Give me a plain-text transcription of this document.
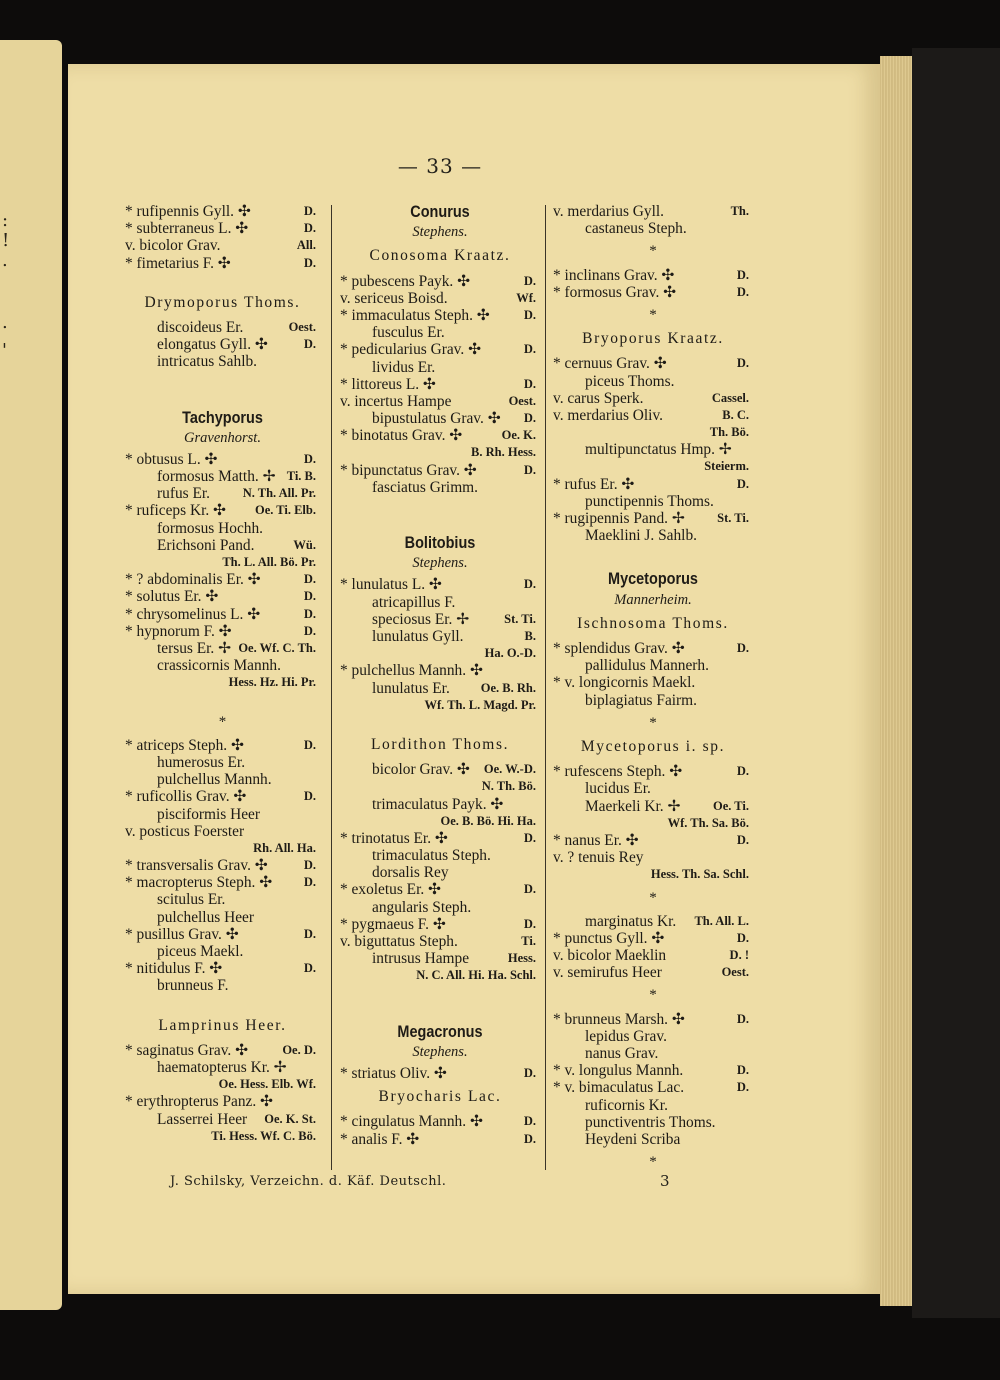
:
!
.
.
'
— 33 —
* rufipennis Gyll. ✣	D.
* subterraneus L. ✣	D.
v. bicolor Grav.	All.
* fimetarius F. ✣	D.
Drymoporus Thoms.
discoideus Er.	Oest.
elongatus Gyll. ✣	D.
intricatus Sahlb.
Tachyporus
Gravenhorst.
* obtusus L. ✣	D.
formosus Matth. ✢ Ti. B.
rufus Er.	N. Th. All. Pr.
* ruficeps Kr. ✣ Oe. Ti. Elb.
formosus Hochh.
Erichsoni Pand.	Wü.
Th. L. All. Bö. Pr.
* ? abdominalis Er. ✣	D.
* solutus Er. ✣	D.
* chrysomelinus L. ✣	D.
* hypnorum F. ✣	D.
tersus Er. ✢ Oe. Wf. C. Th.
crassicornis Mannh.
Hess. Hz. Hi. Pr.
*
* atriceps Steph. ✣	D.
humerosus Er.
pulchellus Mannh.
* ruficollis Grav. ✣	D.
pisciformis Heer
v. posticus Foerster
Rh. All. Ha.
* transversalis Grav. ✣	D.
* macropterus Steph. ✣	D.
scitulus Er.
pulchellus Heer
* pusillus Grav. ✣	D.
piceus Maekl.
* nitidulus F. ✣	D.
brunneus F.
Lamprinus Heer.
* saginatus Grav. ✣	Oe. D.
haematopterus Kr. ✢
Oe. Hess. Elb. Wf.
* erythropterus Panz. ✣
Lasserrei Heer Oe. K. St.
Ti. Hess. Wf. C. Bö.
Conurus
Stephens.
Conosoma Kraatz.
* pubescens Payk. ✣	D.
v. sericeus Boisd.	Wf.
* immaculatus Steph. ✣	D.
fusculus Er.
* pedicularius Grav. ✣	D.
lividus Er.
* littoreus L. ✣	D.
v. incertus Hampe	Oest.
bipustulatus Grav. ✣ D.
* binotatus Grav. ✣	Oe. K.
B. Rh. Hess.
* bipunctatus Grav. ✣	D.
fasciatus Grimm.
Bolitobius
Stephens.
* lunulatus L. ✣	D.
atricapillus F.
speciosus Er. ✢	St. Ti.
lunulatus Gyll.	B.
Ha. O.-D.
* pulchellus Mannh. ✣
lunulatus Er. Oe. B. Rh.
Wf. Th. L. Magd. Pr.
Lordithon Thoms.
bicolor Grav. ✣ Oe. W.-D.
N. Th. Bö.
trimaculatus Payk. ✣
Oe. B. Bö. Hi. Ha.
* trinotatus Er. ✣	D.
trimaculatus Steph.
dorsalis Rey
* exoletus Er. ✣	D.
angularis Steph.
* pygmaeus F. ✣	D.
v. biguttatus Steph.	Ti.
intrusus Hampe	Hess.
N. C. All. Hi. Ha. Schl.
Megacronus
Stephens.
* striatus Oliv. ✣	D.
Bryocharis Lac.
* cingulatus Mannh. ✣	D.
* analis F. ✣	D.
v. merdarius Gyll.	Th.
castaneus Steph.
*
* inclinans Grav. ✣	D.
* formosus Grav. ✣	D.
*
Bryoporus Kraatz.
* cernuus Grav. ✣	D.
piceus Thoms.
v. carus Sperk.	Cassel.
v. merdarius Oliv.	B. C.
Th. Bö.
multipunctatus Hmp. ✢
Steierm.
* rufus Er. ✣	D.
punctipennis Thoms.
* rugipennis Pand. ✢	St. Ti.
Maeklini J. Sahlb.
Mycetoporus
Mannerheim.
Ischnosoma Thoms.
* splendidus Grav. ✣	D.
pallidulus Mannerh.
* v. longicornis Maekl.
biplagiatus Fairm.
*
Mycetoporus i. sp.
* rufescens Steph. ✣	D.
lucidus Er.
Maerkeli Kr. ✢	Oe. Ti.
Wf. Th. Sa. Bö.
* nanus Er. ✣	D.
v. ? tenuis Rey
Hess. Th. Sa. Schl.
*
marginatus Kr. Th. All. L.
* punctus Gyll. ✣	D.
v. bicolor Maeklin	D. !
v. semirufus Heer	Oest.
*
* brunneus Marsh. ✣	D.
lepidus Grav.
nanus Grav.
* v. longulus Mannh.	D.
* v. bimaculatus Lac.	D.
ruficornis Kr.
punctiventris Thoms.
Heydeni Scriba
*
J. Schilsky, Verzeichn. d. Käf. Deutschl.	3
